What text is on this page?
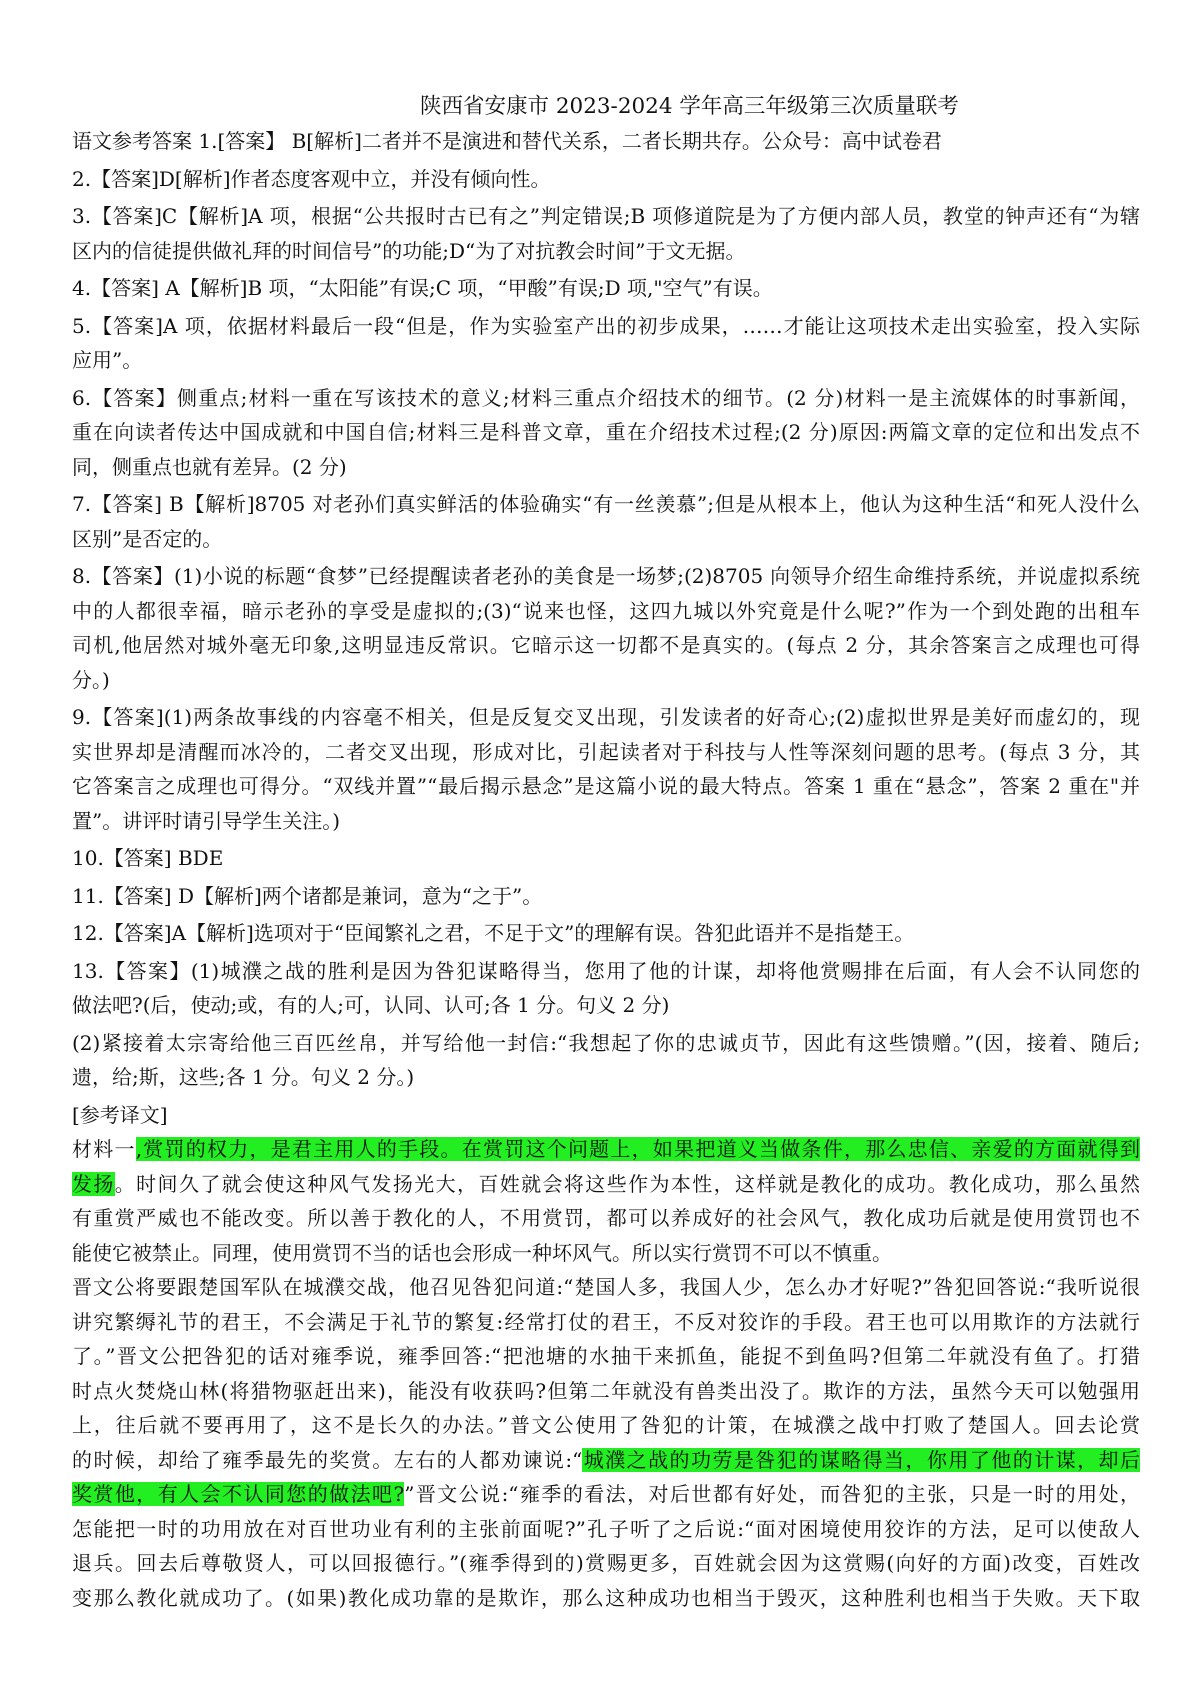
陕西省安康市 2023-2024 学年高三年级第三次质量联考
语文参考答案 1.[答案】 B[解析]二者并不是演进和替代关系，二者长期共存。公众号：高中试卷君
2.【答案]D[解析]作者态度客观中立，并没有倾向性。
3.【答案]C【解析]A 项，根据“公共报时古已有之”判定错误;B 项修道院是为了方便内部人员，教堂的钟声还有“为辖
区内的信徒提供做礼拜的时间信号”的功能;D“为了对抗教会时间”于文无据。
4.【答案] A【解析]B 项，“太阳能”有误;C 项，“甲酸”有误;D 项,"空气”有误。
5.【答案]A 项，依据材料最后一段“但是，作为实验室产出的初步成果，……才能让这项技术走出实验室，投入实际
应用”。
6.【答案】侧重点;材料一重在写该技术的意义;材料三重点介绍技术的细节。(2 分)材料一是主流媒体的时事新闻，
重在向读者传达中国成就和中国自信;材料三是科普文章，重在介绍技术过程;(2 分)原因:两篇文章的定位和出发点不
同，侧重点也就有差异。(2 分)
7.【答案] B【解析]8705 对老孙们真实鲜活的体验确实“有一丝羡慕”;但是从根本上，他认为这种生活“和死人没什么
区别”是否定的。
8.【答案】(1)小说的标题“食梦”已经提醒读者老孙的美食是一场梦;(2)8705 向领导介绍生命维持系统，并说虚拟系统
中的人都很幸福，暗示老孙的享受是虚拟的;(3)“说来也怪，这四九城以外究竟是什么呢?”作为一个到处跑的出租车
司机,他居然对城外毫无印象,这明显违反常识。它暗示这一切都不是真实的。(每点 2 分，其余答案言之成理也可得
分。)
9.【答案](1)两条故事线的内容毫不相关，但是反复交叉出现，引发读者的好奇心;(2)虚拟世界是美好而虚幻的，现
实世界却是清醒而冰冷的，二者交叉出现，形成对比，引起读者对于科技与人性等深刻问题的思考。(每点 3 分，其
它答案言之成理也可得分。“双线并置”“最后揭示悬念”是这篇小说的最大特点。答案 1 重在“悬念”，答案 2 重在"并
置”。讲评时请引导学生关注。)
10.【答案] BDE
11.【答案] D【解析]两个诸都是兼词，意为“之于”。
12.【答案]A【解析]选项对于“臣闻繁礼之君，不足于文”的理解有误。咎犯此语并不是指楚王。
13.【答案】(1)城濮之战的胜利是因为咎犯谋略得当，您用了他的计谋，却将他赏赐排在后面，有人会不认同您的
做法吧?(后，使动;或，有的人;可，认同、认可;各 1 分。句义 2 分)
(2)紧接着太宗寄给他三百匹丝帛，并写给他一封信:“我想起了你的忠诚贞节，因此有这些馈赠。”(因，接着、随后;
遗，给;斯，这些;各 1 分。句义 2 分。)
[参考译文]
材料一,赏罚的权力，是君主用人的手段。在赏罚这个问题上，如果把道义当做条件，那么忠信、亲爱的方面就得到
发扬。时间久了就会使这种风气发扬光大，百姓就会将这些作为本性，这样就是教化的成功。教化成功，那么虽然
有重赏严威也不能改变。所以善于教化的人，不用赏罚，都可以养成好的社会风气，教化成功后就是使用赏罚也不
能使它被禁止。同理，使用赏罚不当的话也会形成一种坏风气。所以实行赏罚不可以不慎重。
晋文公将要跟楚国军队在城濮交战，他召见咎犯问道:“楚国人多，我国人少，怎么办才好呢?”咎犯回答说:“我听说很
讲究繁缛礼节的君王，不会满足于礼节的繁复:经常打仗的君王，不反对狡诈的手段。君王也可以用欺诈的方法就行
了。”晋文公把咎犯的话对雍季说，雍季回答:“把池塘的水抽干来抓鱼，能捉不到鱼吗?但第二年就没有鱼了。打猎
时点火焚烧山林(将猎物驱赶出来)，能没有收获吗?但第二年就没有兽类出没了。欺诈的方法，虽然今天可以勉强用
上，往后就不要再用了，这不是长久的办法。”普文公使用了咎犯的计策，在城濮之战中打败了楚国人。回去论赏
的时候，却给了雍季最先的奖赏。左右的人都劝谏说:“城濮之战的功劳是咎犯的谋略得当，你用了他的计谋，却后
奖赏他，有人会不认同您的做法吧?”晋文公说:“雍季的看法，对后世都有好处，而咎犯的主张，只是一时的用处，
怎能把一时的功用放在对百世功业有利的主张前面呢?”孔子听了之后说:“面对困境使用狡诈的方法，足可以使敌人
退兵。回去后尊敬贤人，可以回报德行。”(雍季得到的)赏赐更多，百姓就会因为这赏赐(向好的方面)改变，百姓改
变那么教化就成功了。(如果)教化成功靠的是欺诈，那么这种成功也相当于毁灭，这种胜利也相当于失败。天下取
